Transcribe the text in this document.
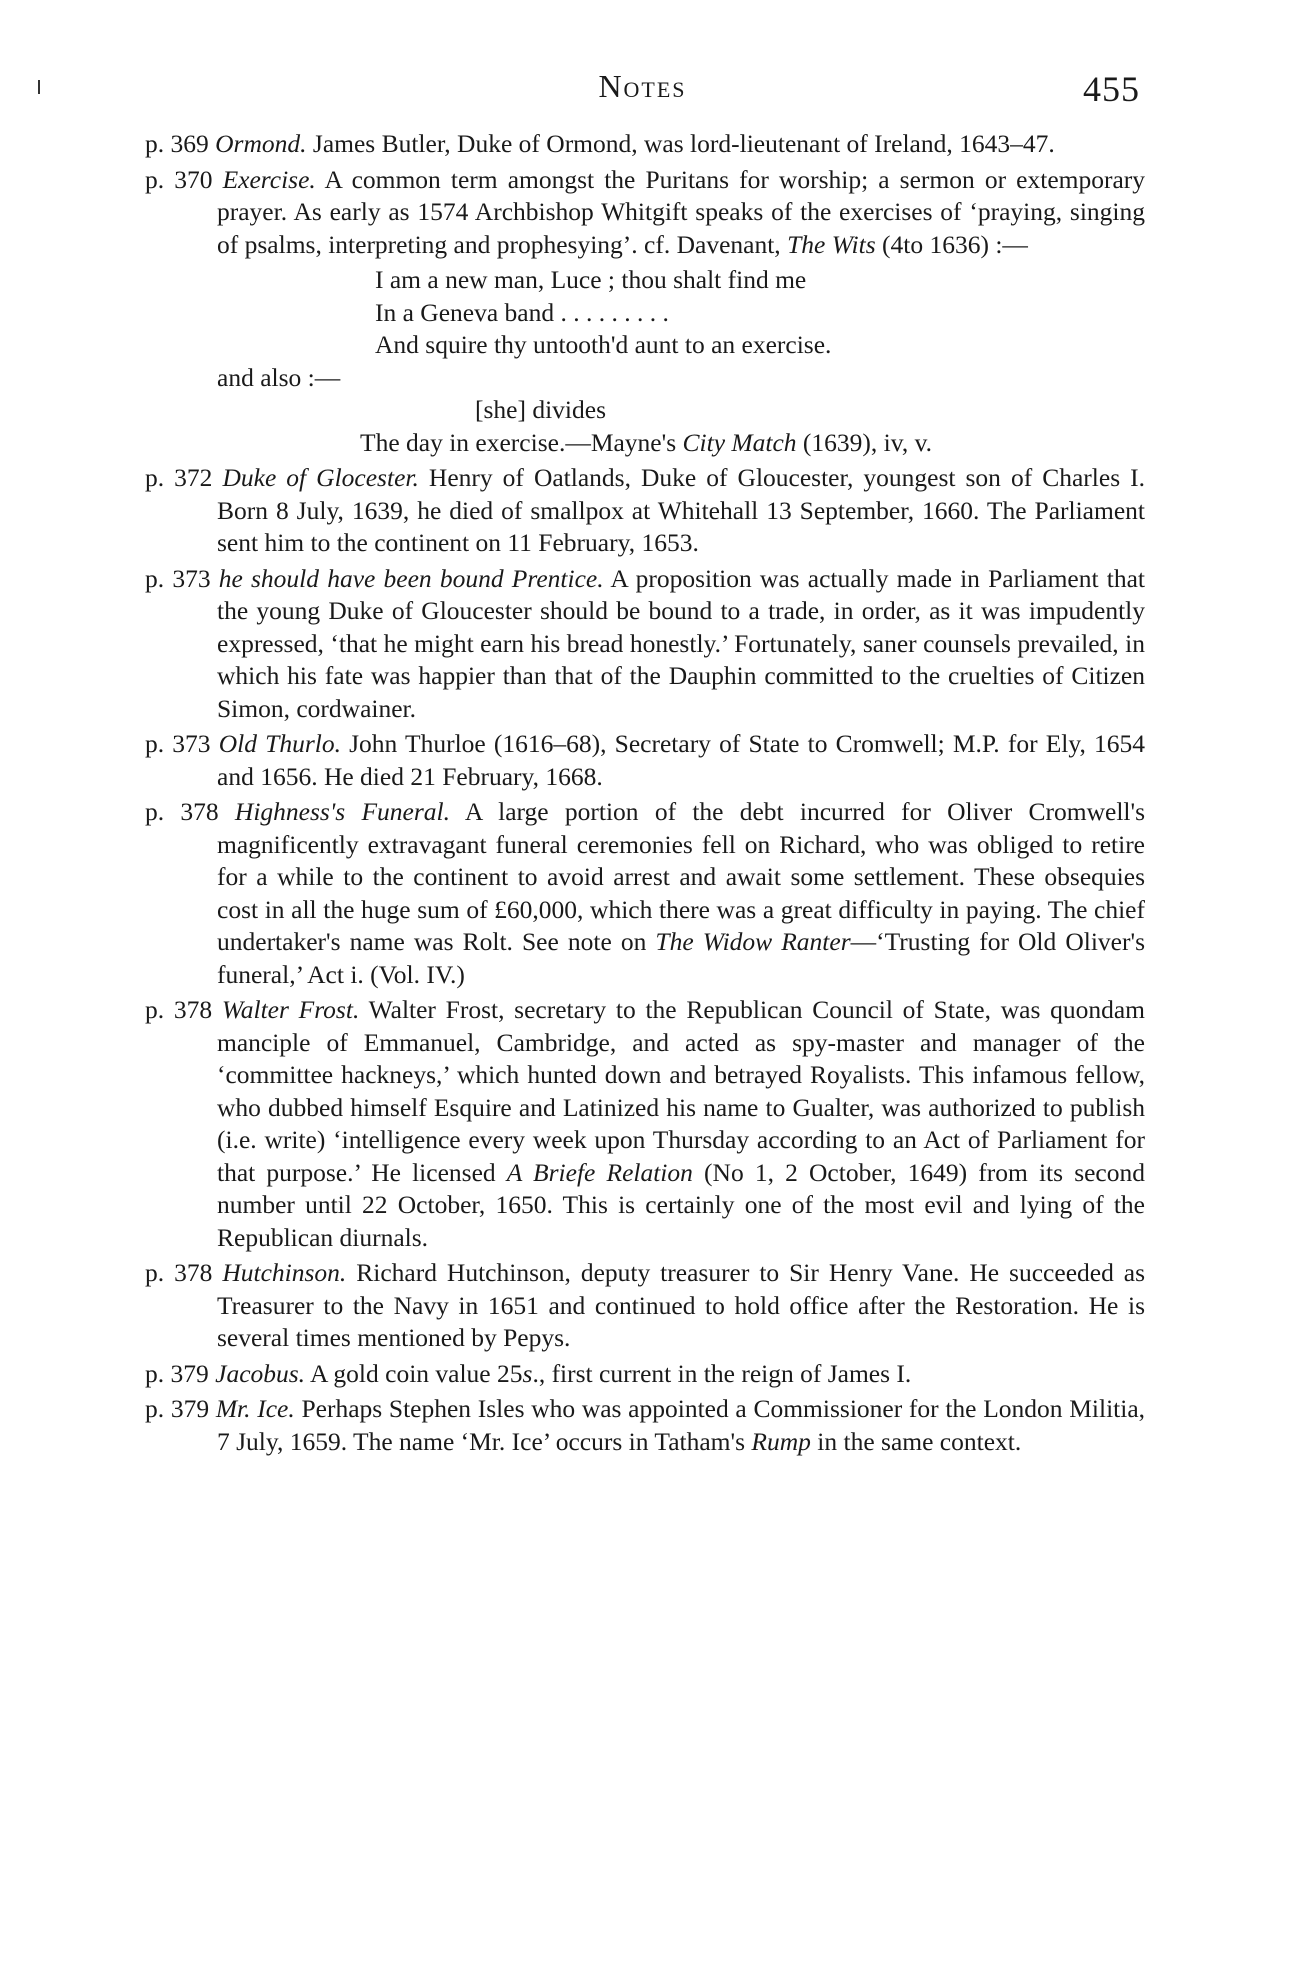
Notes	455

p. 369 Ormond. James Butler, Duke of Ormond, was lord-lieutenant of Ireland, 1643–47.

p. 370 Exercise. A common term amongst the Puritans for worship; a sermon or extemporary prayer. As early as 1574 Archbishop Whitgift speaks of the exercises of ‘praying, singing of psalms, interpreting and prophesying’. cf. Davenant, The Wits (4to 1636) :—

I am a new man, Luce ; thou shalt find me
In a Geneva band . . . . . . . . .
And squire thy untooth'd aunt to an exercise.

and also :—

[she] divides
The day in exercise.—Mayne's City Match (1639), iv, v.

p. 372 Duke of Glocester. Henry of Oatlands, Duke of Gloucester, youngest son of Charles I. Born 8 July, 1639, he died of smallpox at Whitehall 13 September, 1660. The Parliament sent him to the continent on 11 February, 1653.

p. 373 he should have been bound Prentice. A proposition was actually made in Parliament that the young Duke of Gloucester should be bound to a trade, in order, as it was impudently expressed, ‘that he might earn his bread honestly.’ Fortunately, saner counsels prevailed, in which his fate was happier than that of the Dauphin committed to the cruelties of Citizen Simon, cordwainer.

p. 373 Old Thurlo. John Thurloe (1616–68), Secretary of State to Cromwell; M.P. for Ely, 1654 and 1656. He died 21 February, 1668.

p. 378 Highness's Funeral. A large portion of the debt incurred for Oliver Cromwell's magnificently extravagant funeral ceremonies fell on Richard, who was obliged to retire for a while to the continent to avoid arrest and await some settlement. These obsequies cost in all the huge sum of £60,000, which there was a great difficulty in paying. The chief undertaker's name was Rolt. See note on The Widow Ranter—‘Trusting for Old Oliver's funeral,’ Act i. (Vol. IV.)

p. 378 Walter Frost. Walter Frost, secretary to the Republican Council of State, was quondam manciple of Emmanuel, Cambridge, and acted as spy-master and manager of the ‘committee hackneys,’ which hunted down and betrayed Royalists. This infamous fellow, who dubbed himself Esquire and Latinized his name to Gualter, was authorized to publish (i.e. write) ‘intelligence every week upon Thursday according to an Act of Parliament for that purpose.’ He licensed A Briefe Relation (No 1, 2 October, 1649) from its second number until 22 October, 1650. This is certainly one of the most evil and lying of the Republican diurnals.

p. 378 Hutchinson. Richard Hutchinson, deputy treasurer to Sir Henry Vane. He succeeded as Treasurer to the Navy in 1651 and continued to hold office after the Restoration. He is several times mentioned by Pepys.

p. 379 Jacobus. A gold coin value 25s., first current in the reign of James I.

p. 379 Mr. Ice. Perhaps Stephen Isles who was appointed a Commissioner for the London Militia, 7 July, 1659. The name ‘Mr. Ice’ occurs in Tatham's Rump in the same context.
